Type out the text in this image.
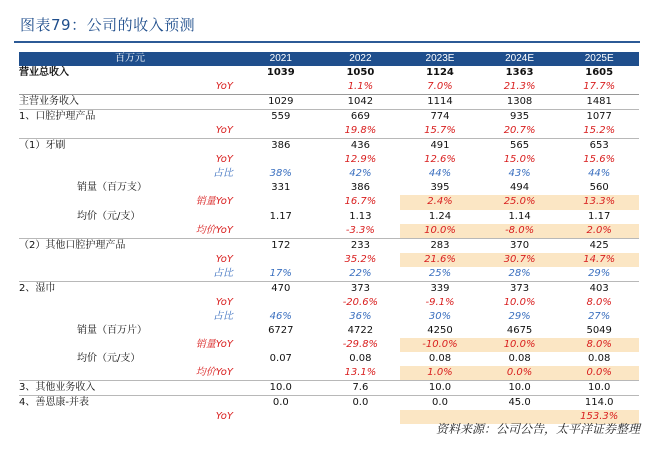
图表79：公司的收入预测
百万元	2021	2022	2023E	2024E	2025E
营业总收入	1039	1050	1124	1363	1605
YoY		1.1%	7.0%	21.3%	17.7%
主营业务收入	1029	1042	1114	1308	1481
1、口腔护理产品	559	669	774	935	1077
YoY		19.8%	15.7%	20.7%	15.2%
（1）牙刷	386	436	491	565	653
YoY		12.9%	12.6%	15.0%	15.6%
占比	38%	42%	44%	43%	44%
销量（百万支）	331	386	395	494	560
销量YoY		16.7%	2.4%	25.0%	13.3%
均价（元/支）	1.17	1.13	1.24	1.14	1.17
均价YoY		-3.3%	10.0%	-8.0%	2.0%
（2）其他口腔护理产品	172	233	283	370	425
YoY		35.2%	21.6%	30.7%	14.7%
占比	17%	22%	25%	28%	29%
2、湿巾	470	373	339	373	403
YoY		-20.6%	-9.1%	10.0%	8.0%
占比	46%	36%	30%	29%	27%
销量（百万片）	6727	4722	4250	4675	5049
销量YoY		-29.8%	-10.0%	10.0%	8.0%
均价（元/支）	0.07	0.08	0.08	0.08	0.08
均价YoY		13.1%	1.0%	0.0%	0.0%
3、其他业务收入	10.0	7.6	10.0	10.0	10.0
4、善恩康-并表	0.0	0.0	0.0	45.0	114.0
YoY					153.3%
资料来源：公司公告，太平洋证券整理
